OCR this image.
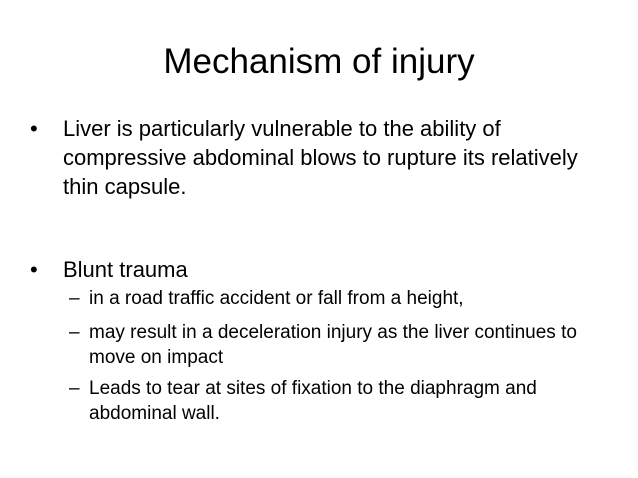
Mechanism of injury
• Liver is particularly vulnerable to the ability of compressive abdominal blows to rupture its relatively thin capsule.
• Blunt trauma
– in a road traffic accident or fall from a height,
– may result in a deceleration injury as the liver continues to move on impact
– Leads to tear at sites of fixation to the diaphragm and abdominal wall.
